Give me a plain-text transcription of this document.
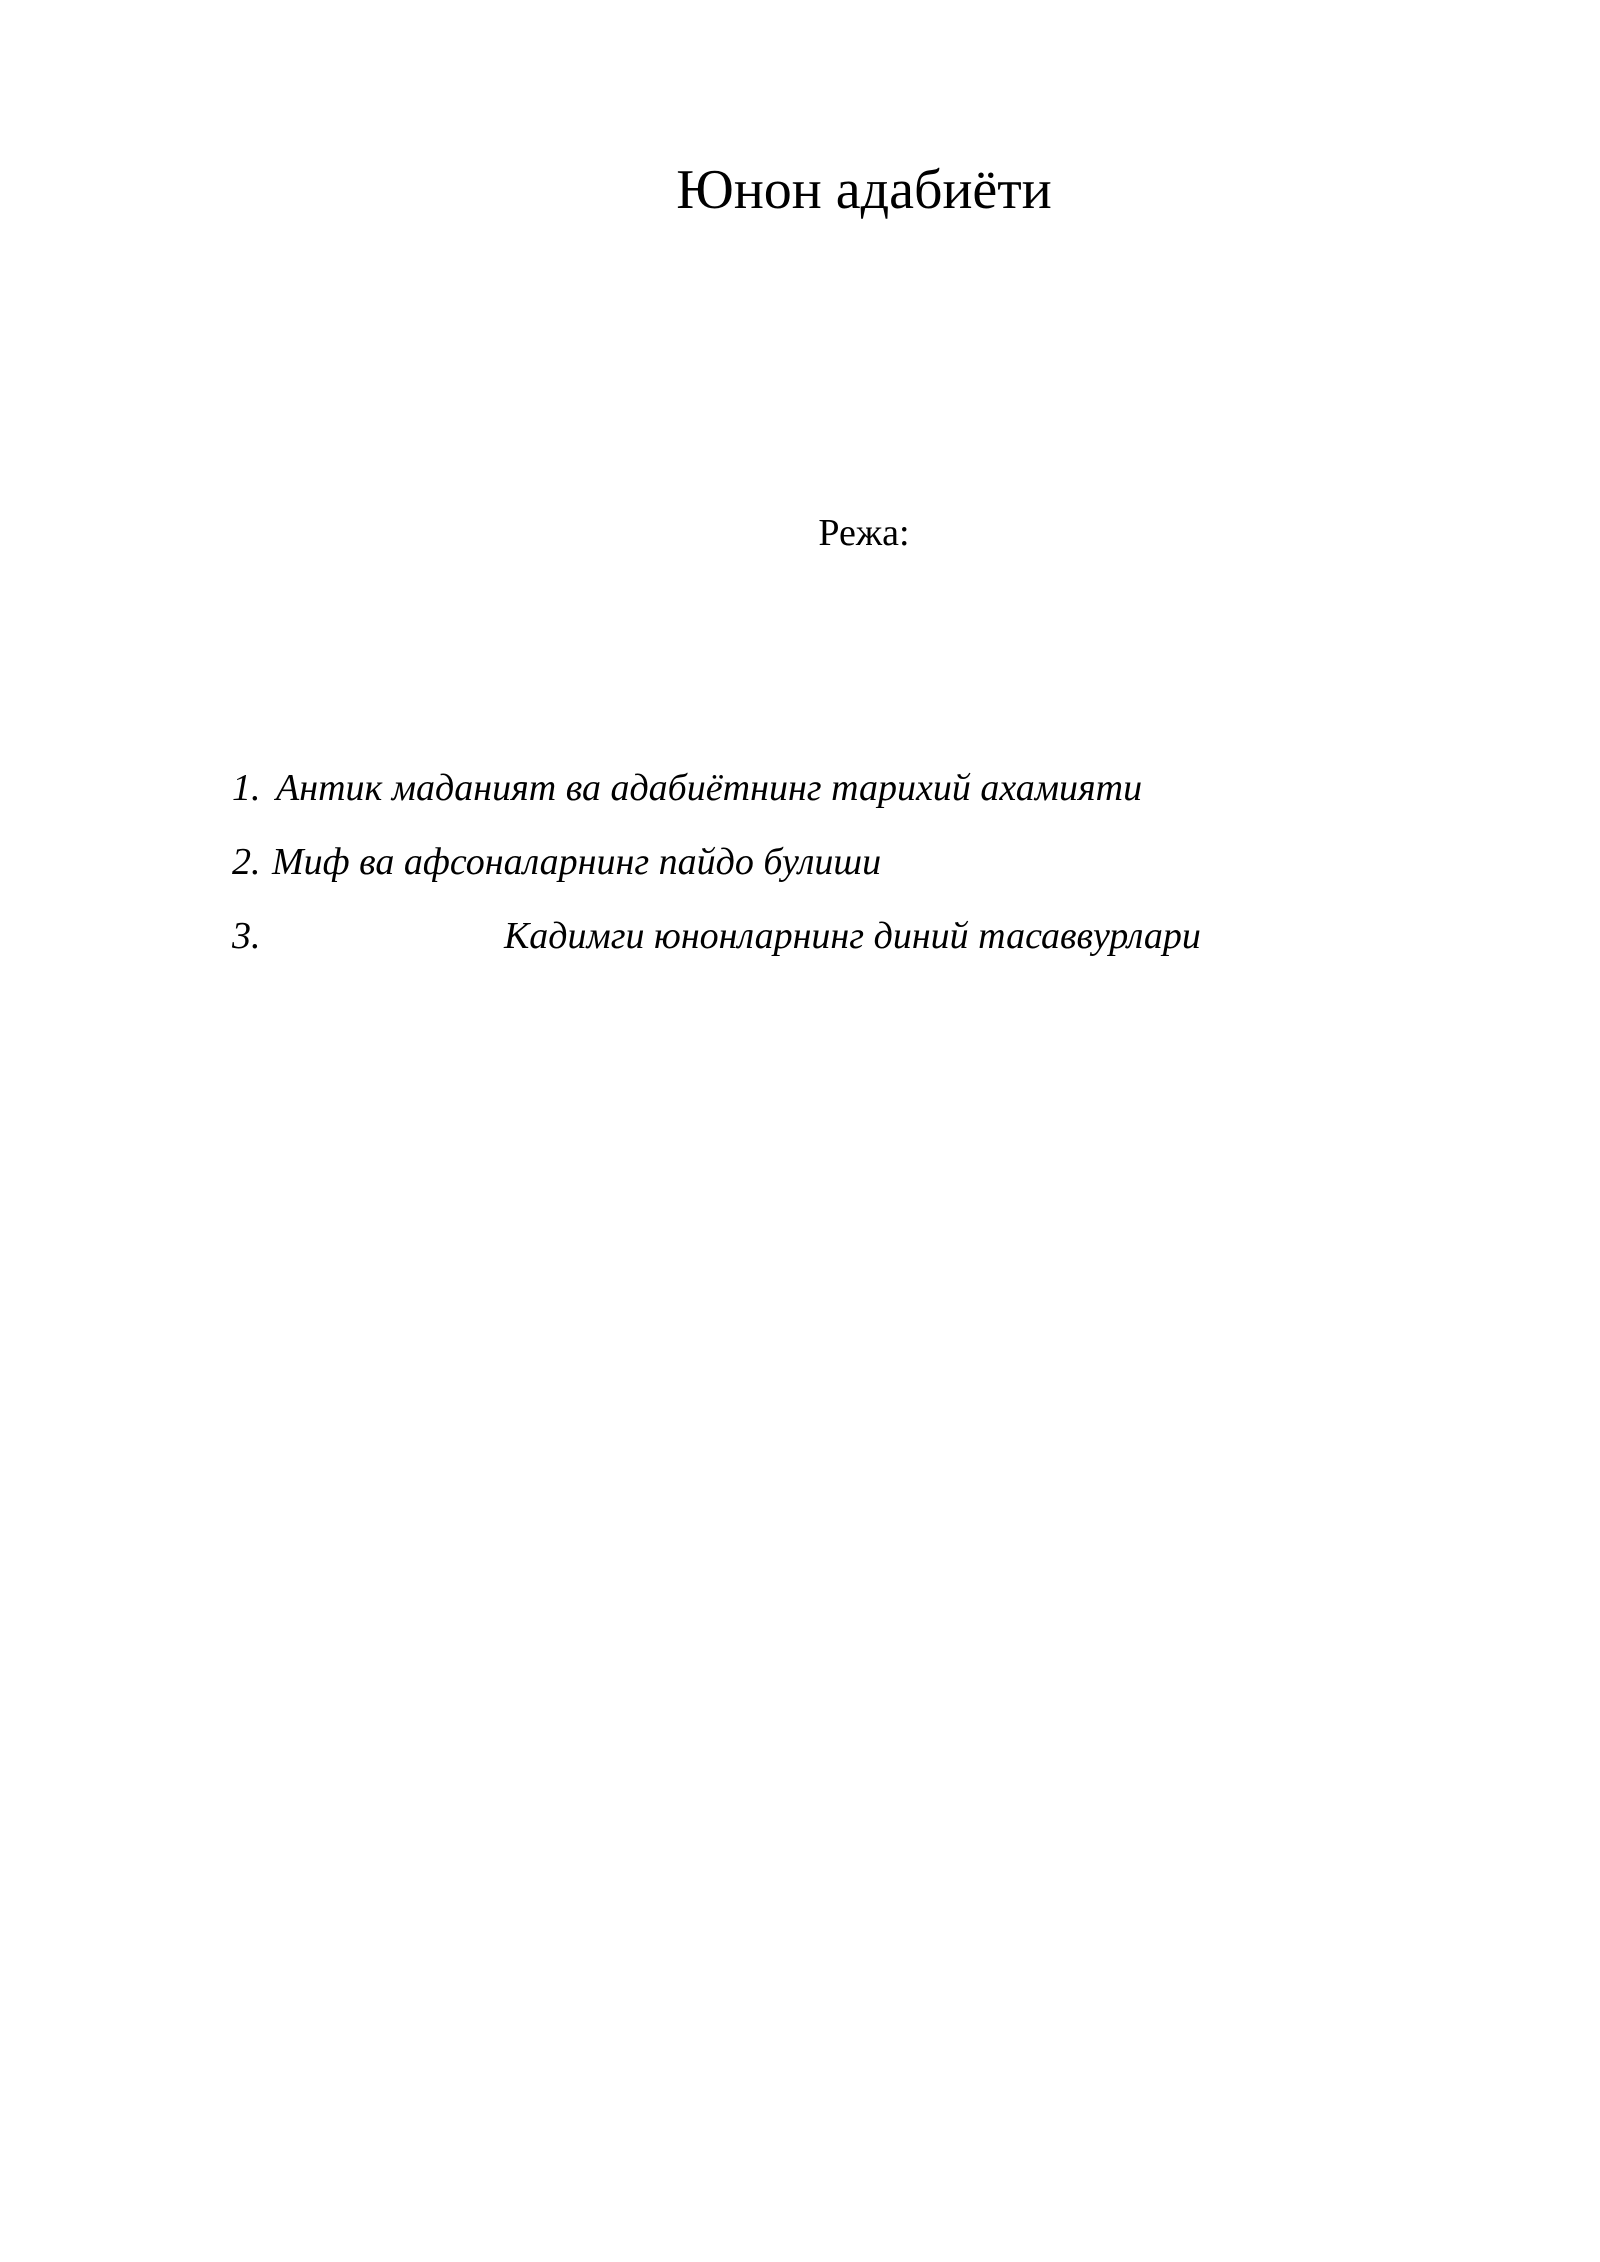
Юнон адабиёти
Режа:
1. Антик маданият ва адабиётнинг тарихий ахамияти
2. Миф ва афсоналарнинг пайдо булиши
3.	Кадимги юнонларнинг диний тасаввурлари
